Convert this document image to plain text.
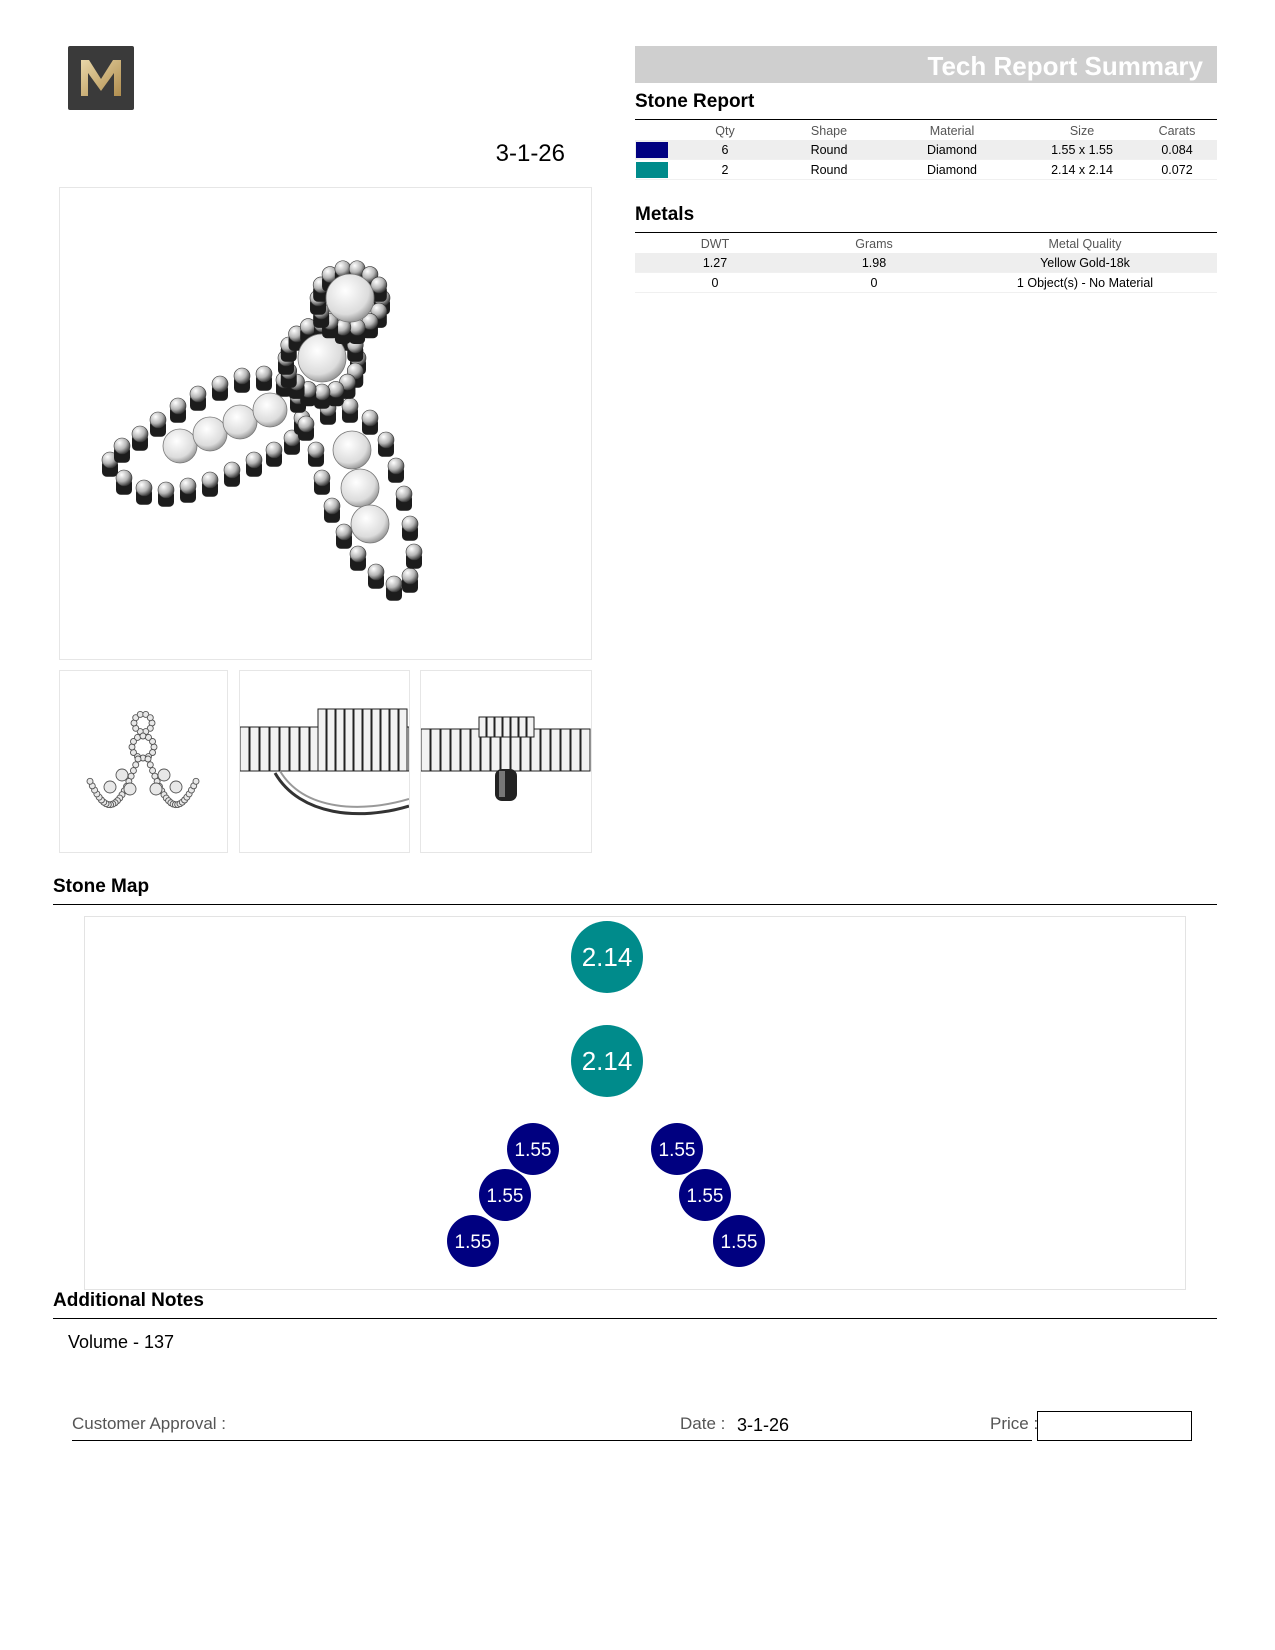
3-1-26
Tech Report Summary
Stone Report
	Qty	Shape	Material	Size	Carats
	6	Round	Diamond	1.55 x 1.55	0.084
	2	Round	Diamond	2.14 x 2.14	0.072
Metals
DWT	Grams	Metal Quality
1.27	1.98	Yellow Gold-18k
0	0	1 Object(s) - No Material
Stone Map
2.14
2.14
1.55	1.55
1.55	1.55
1.55	1.55
Additional Notes
Volume - 137
Customer Approval :	Date : 3-1-26	Price :
